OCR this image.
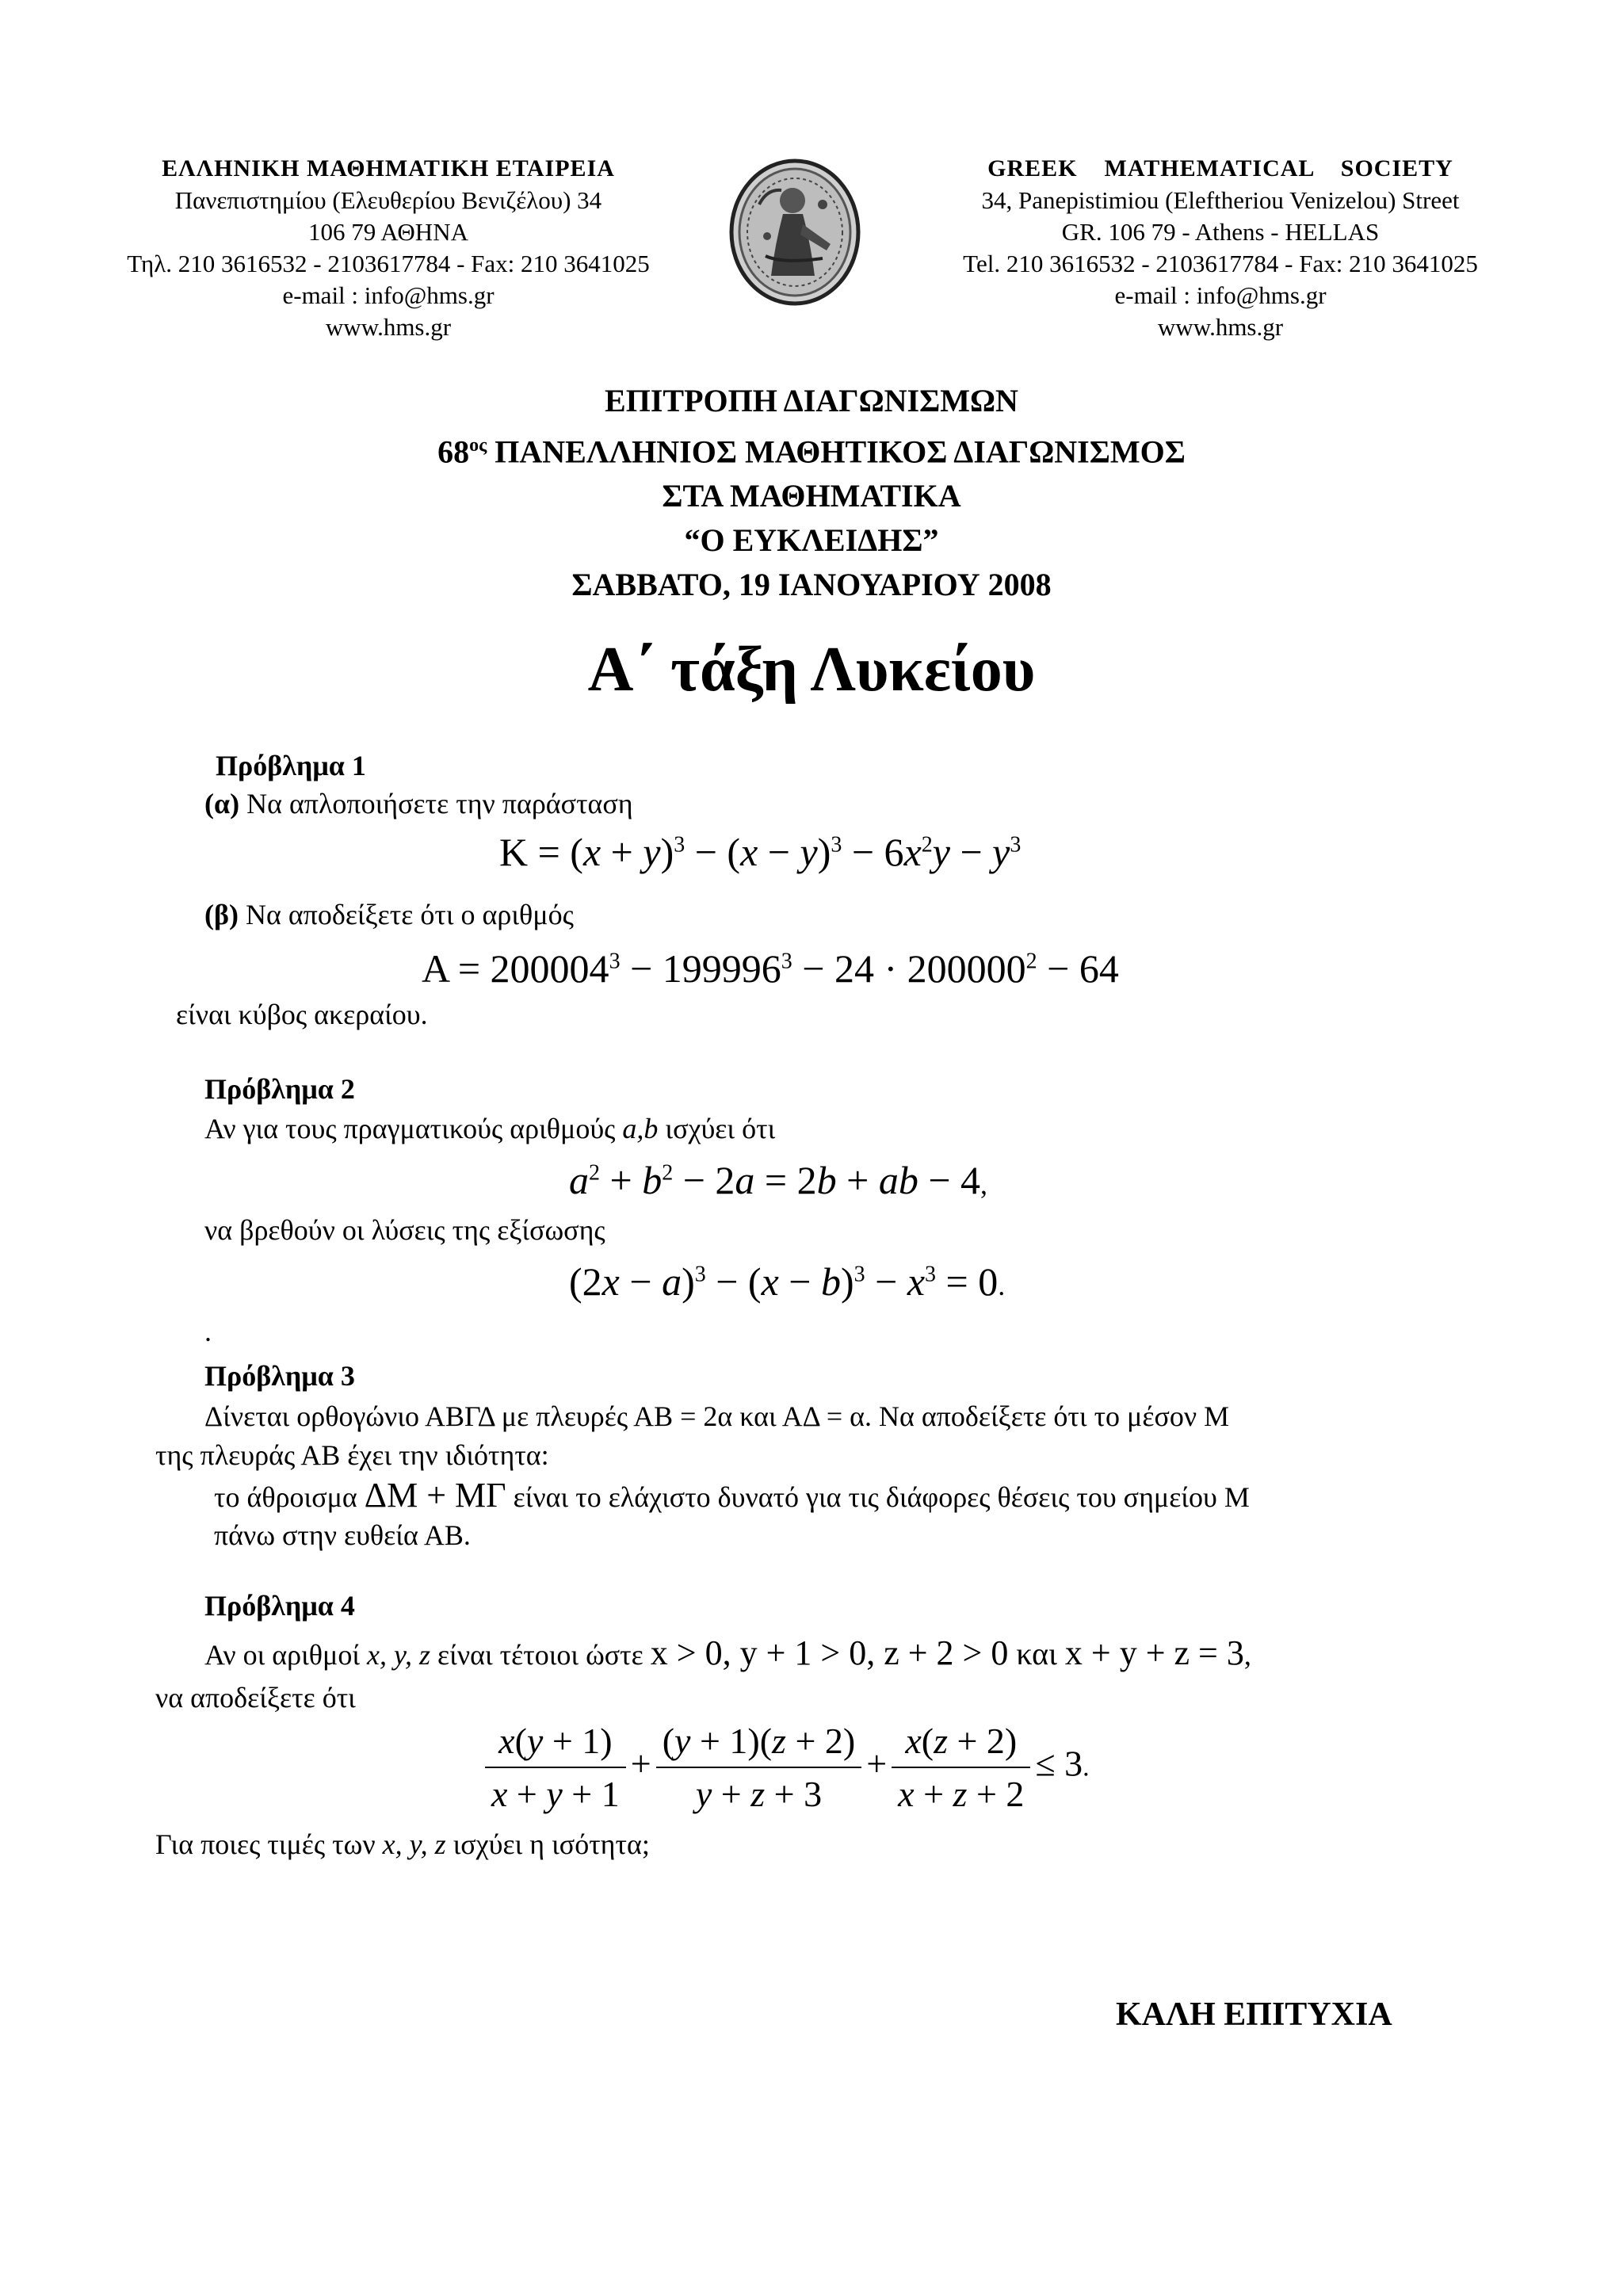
ΕΛΛΗΝΙΚΗ ΜΑΘΗΜΑΤΙΚΗ ΕΤΑΙΡΕΙΑ
Πανεπιστημίου (Ελευθερίου Βενιζέλου) 34
106 79 ΑΘΗΝΑ
Τηλ. 210 3616532 - 2103617784 - Fax: 210 3641025
e-mail : info@hms.gr
www.hms.gr
GREEK    MATHEMATICAL    SOCIETY
34, Panepistimiou (Eleftheriou Venizelou) Street
GR. 106 79 - Athens - HELLAS
Tel. 210 3616532 - 2103617784 - Fax: 210 3641025
e-mail : info@hms.gr
www.hms.gr
ΕΠΙΤΡΟΠΗ ΔΙΑΓΩΝΙΣΜΩΝ
$68^{o\varsigma}$ ΠΑΝΕΛΛΗΝΙΟΣ ΜΑΘΗΤΙΚΟΣ ΔΙΑΓΩΝΙΣΜΟΣ
ΣΤΑ ΜΑΘΗΜΑΤΙΚΑ
“Ο ΕΥΚΛΕΙΔΗΣ”
ΣΑΒΒΑΤΟ, 19 ΙΑΝΟΥΑΡΙΟΥ 2008
Α΄ τάξη Λυκείου
Πρόβλημα 1
(α) Να απλοποιήσετε την παράσταση
$K = (x + y)^3 - (x - y)^3 - 6x^2y - y^3$
(β) Να αποδείξετε ότι ο αριθμός
$A = 200004^3 - 199996^3 - 24 \cdot 200000^2 - 64$
είναι κύβος ακεραίου.
Πρόβλημα 2
Αν για τους πραγματικούς αριθμούς a,b ισχύει ότι
$a^2 + b^2 - 2a = 2b$ + ab − 4,
να βρεθούν οι λύσεις της εξίσωσης
$(2x - a)^3 - (x - b)^3 - x^3 = 0$.
.
Πρόβλημα 3
Δίνεται ορθογώνιο ΑΒΓΔ με πλευρές ΑΒ = 2α και ΑΔ = α. Να αποδείξετε ότι το μέσον Μ
της πλευράς ΑΒ έχει την ιδιότητα:
το άθροισμα ΔΜ + ΜΓ είναι το ελάχιστο δυνατό για τις διάφορες θέσεις του σημείου Μ
πάνω στην ευθεία ΑΒ.
Πρόβλημα 4
Αν οι αριθμοί x, y, z είναι τέτοιοι ώστε x > 0, y + 1 > 0, z + 2 > 0 και x + y + z = 3,
να αποδείξετε ότι
$\frac{x(y + 1)}{x + y + 1} + \frac{(y + 1)(z + 2)}{y + z + 3} + \frac{x(z + 2)}{x + z + 2} \le 3$.
Για ποιες τιμές των x, y, z ισχύει η ισότητα;
ΚΑΛΗ ΕΠΙΤΥΧΙΑ
